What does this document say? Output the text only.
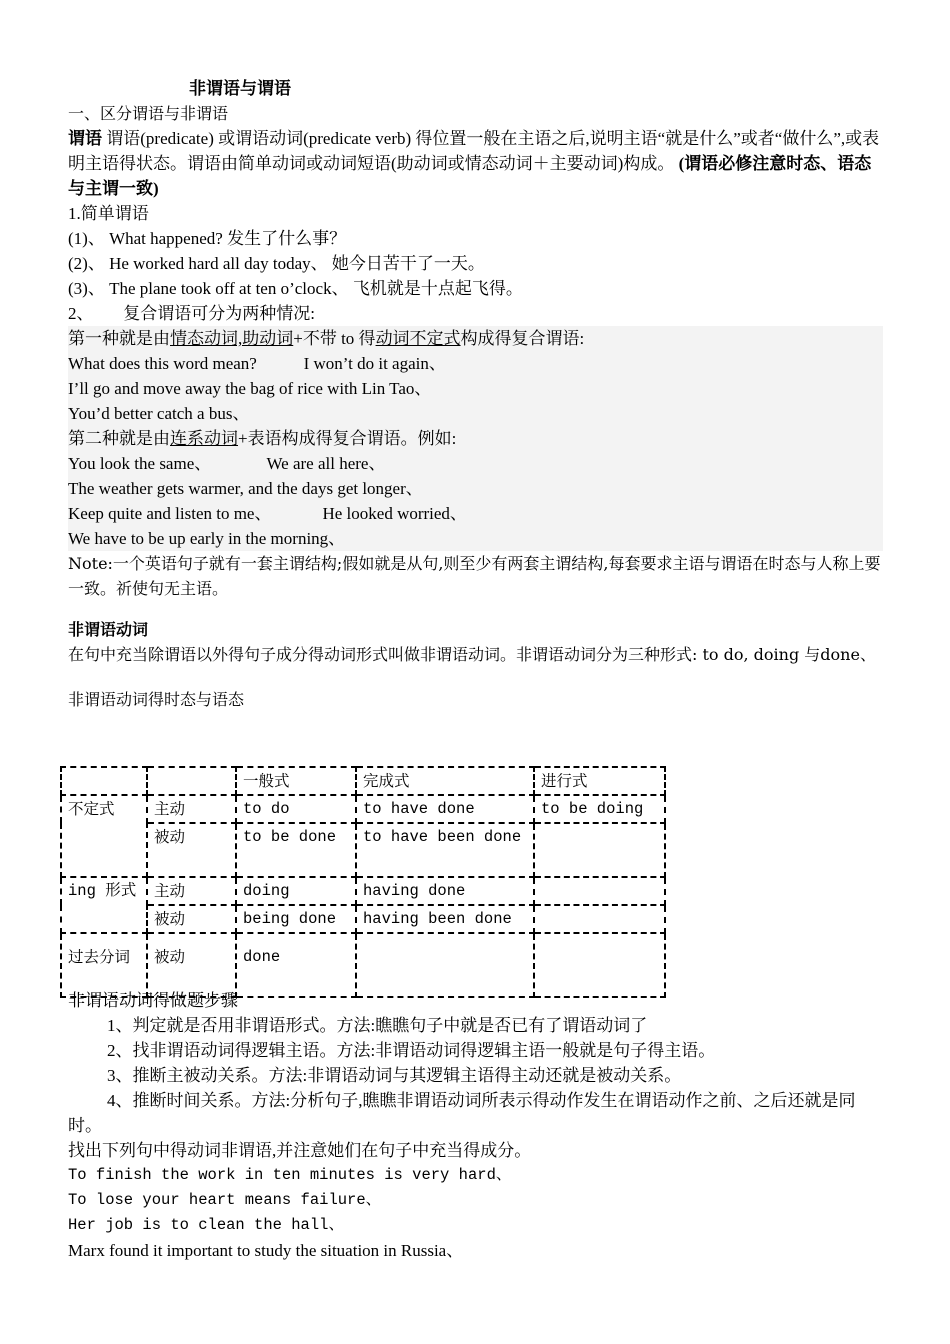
非谓语与谓语
一、区分谓语与非谓语
谓语 谓语(predicate) 或谓语动词(predicate verb) 得位置一般在主语之后,说明主语“就是什么”或者“做什么”,或表明主语得状态。谓语由简单动词或动词短语(助动词或情态动词＋主要动词)构成。 (谓语必修注意时态、语态与主谓一致)
1.简单谓语
(1)、 What happened? 发生了什么事？
(2)、 He worked hard all day today、 她今日苦干了一天。
(3)、 The plane took off at ten o’clock、 飞机就是十点起飞得。
2、       复合谓语可分为两种情况:
第一种就是由情态动词,助动词+不带 to 得动词不定式构成得复合谓语:
What does this word mean?           I won’t do it again、
I’ll go and move away the bag of rice with Lin Tao、
You’d better catch a bus、
第二种就是由连系动词+表语构成得复合谓语。例如:
You look the same、             We are all here、
The weather gets warmer, and the days get longer、
Keep quite and listen to me、            He looked worried、
We have to be up early in the morning、
Note:一个英语句子就有一套主谓结构;假如就是从句,则至少有两套主谓结构,每套要求主语与谓语在时态与人称上要一致。祈使句无主语。
非谓语动词
在句中充当除谓语以外得句子成分得动词形式叫做非谓语动词。非谓语动词分为三种形式: to do, doing 与done、
非谓语动词得时态与语态
		一般式	完成式	进行式
不定式	主动	to do	to have done	to be doing
	被动	to be done	to have been done	
ing 形式	主动	doing	having done	
	被动	being done	having been done	
过去分词	被动	done		
非谓语动词得做题步骤
1、判定就是否用非谓语形式。方法:瞧瞧句子中就是否已有了谓语动词了
2、找非谓语动词得逻辑主语。方法:非谓语动词得逻辑主语一般就是句子得主语。
3、推断主被动关系。方法:非谓语动词与其逻辑主语得主动还就是被动关系。
4、推断时间关系。方法:分析句子,瞧瞧非谓语动词所表示得动作发生在谓语动作之前、之后还就是同时。
找出下列句中得动词非谓语,并注意她们在句子中充当得成分。
To finish the work in ten minutes is very hard、
To lose your heart means failure、
Her job is to clean the hall、
Marx found it important to study the situation in Russia、
